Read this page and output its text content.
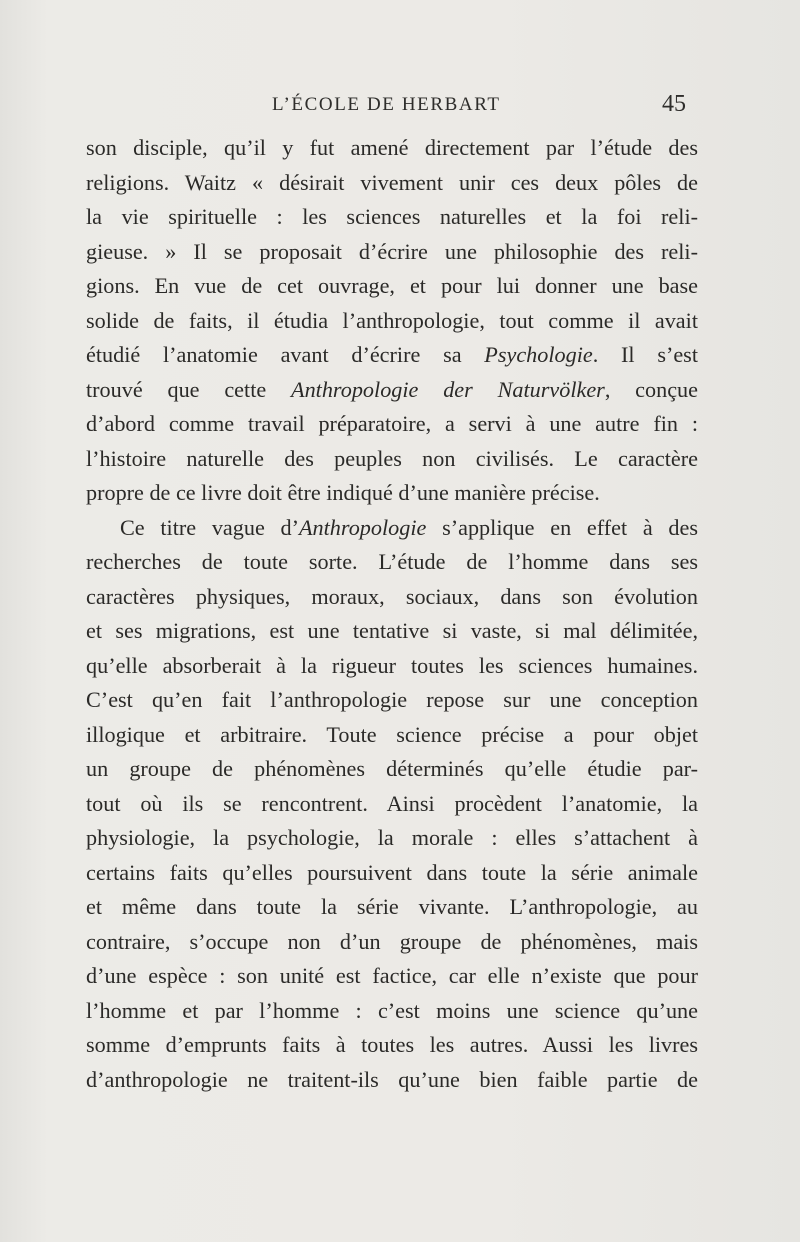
L’ÉCOLE DE HERBART	45
son disciple, qu’il y fut amené directement par l’étude des
religions. Waitz « désirait vivement unir ces deux pôles de
la vie spirituelle : les sciences naturelles et la foi reli-
gieuse. » Il se proposait d’écrire une philosophie des reli-
gions. En vue de cet ouvrage, et pour lui donner une base
solide de faits, il étudia l’anthropologie, tout comme il avait
étudié l’anatomie avant d’écrire sa Psychologie. Il s’est
trouvé que cette Anthropologie der Naturvölker, conçue
d’abord comme travail préparatoire, a servi à une autre fin :
l’histoire naturelle des peuples non civilisés. Le caractère
propre de ce livre doit être indiqué d’une manière précise.
Ce titre vague d’Anthropologie s’applique en effet à des
recherches de toute sorte. L’étude de l’homme dans ses
caractères physiques, moraux, sociaux, dans son évolution
et ses migrations, est une tentative si vaste, si mal délimitée,
qu’elle absorberait à la rigueur toutes les sciences humaines.
C’est qu’en fait l’anthropologie repose sur une conception
illogique et arbitraire. Toute science précise a pour objet
un groupe de phénomènes déterminés qu’elle étudie par-
tout où ils se rencontrent. Ainsi procèdent l’anatomie, la
physiologie, la psychologie, la morale : elles s’attachent à
certains faits qu’elles poursuivent dans toute la série animale
et même dans toute la série vivante. L’anthropologie, au
contraire, s’occupe non d’un groupe de phénomènes, mais
d’une espèce : son unité est factice, car elle n’existe que pour
l’homme et par l’homme : c’est moins une science qu’une
somme d’emprunts faits à toutes les autres. Aussi les livres
d’anthropologie ne traitent-ils qu’une bien faible partie de
